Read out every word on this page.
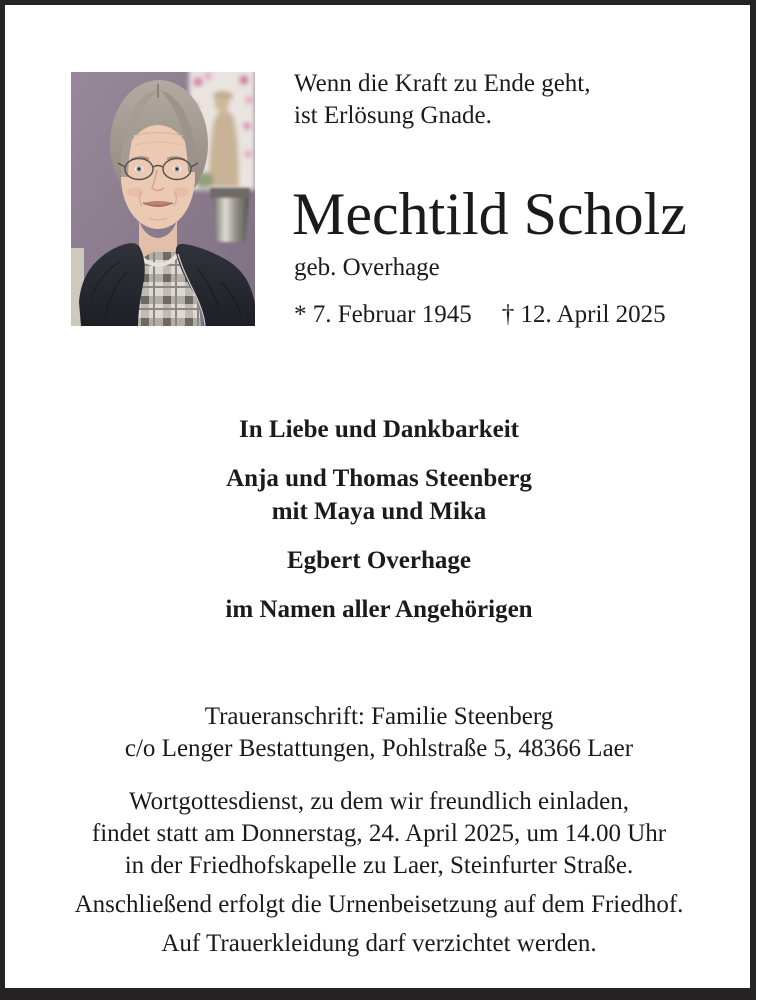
Wenn die Kraft zu Ende geht,
ist Erlösung Gnade.
Mechtild Scholz
geb. Overhage
* 7. Februar 1945 † 12. April 2025

In Liebe und Dankbarkeit

Anja und Thomas Steenberg
mit Maya und Mika

Egbert Overhage

im Namen aller Angehörigen

Traueranschrift: Familie Steenberg

c/o Lenger Bestattungen, Pohlstraße 5, 48366 Laer

Wortgottesdienst, zu dem wir freundlich einladen,
findet statt am Donnerstag, 24. April 2025, um 14.00 Uhr
in der Friedhofskapelle zu Laer, Steinfurter Straße.

Anschließend erfolgt die Urnenbeisetzung auf dem Friedhof.

Auf Trauerkleidung darf verzichtet werden.
